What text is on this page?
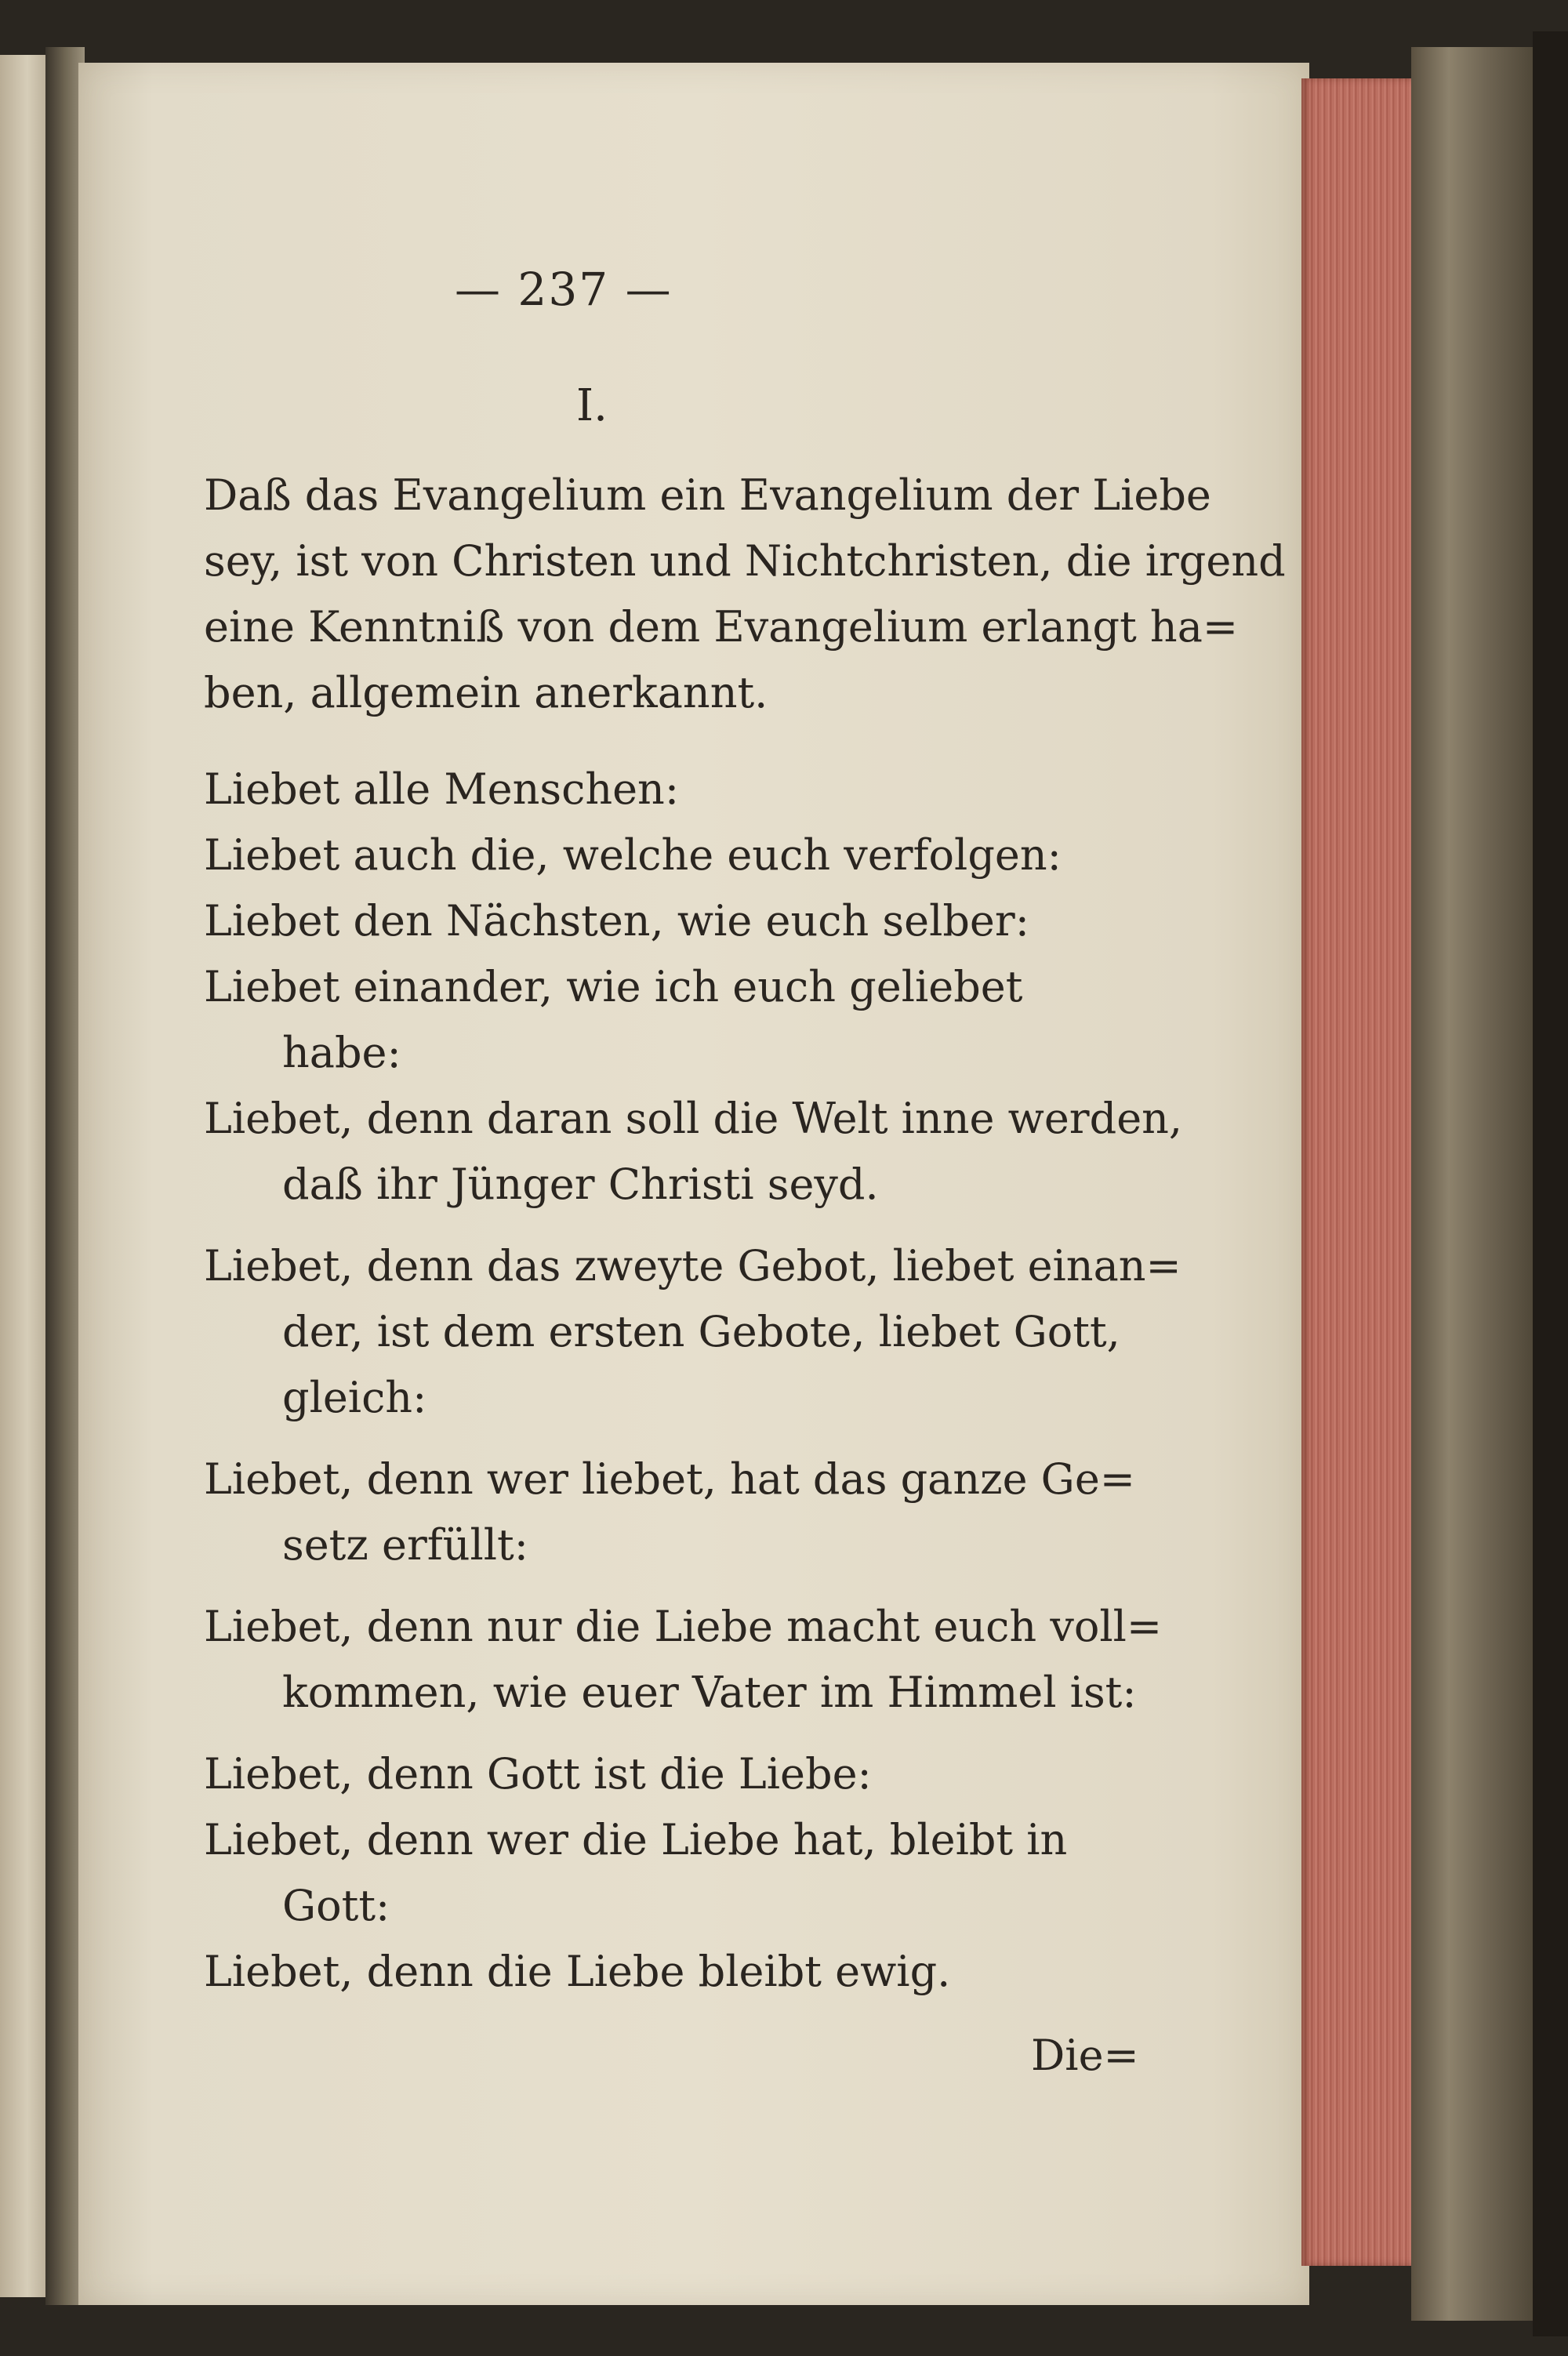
— 237 —
I.
Daß das Evangelium ein Evangelium der Liebe
sey, ist von Christen und Nichtchristen, die irgend
eine Kenntniß von dem Evangelium erlangt ha=
ben, allgemein anerkannt.
Liebet alle Menschen:
Liebet auch die, welche euch verfolgen:
Liebet den Nächsten, wie euch selber:
Liebet einander, wie ich euch geliebet
habe:
Liebet, denn daran soll die Welt inne werden,
daß ihr Jünger Christi seyd.
Liebet, denn das zweyte Gebot, liebet einan=
der, ist dem ersten Gebote, liebet Gott,
gleich:
Liebet, denn wer liebet, hat das ganze Ge=
setz erfüllt:
Liebet, denn nur die Liebe macht euch voll=
kommen, wie euer Vater im Himmel ist:
Liebet, denn Gott ist die Liebe:
Liebet, denn wer die Liebe hat, bleibt in
Gott:
Liebet, denn die Liebe bleibt ewig.
Die=
